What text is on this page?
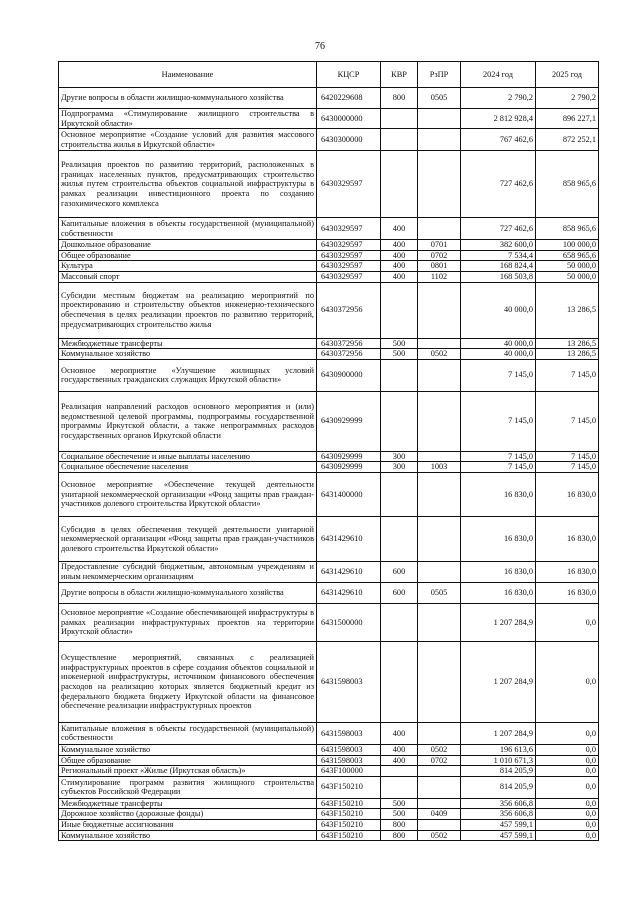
76
Наименование	КЦСР	КВР	РзПР	2024 год	2025 год
Другие вопросы в области жилищно-коммунального хозяйства	6420229608	800	0505	2 790,2	2 790,2
Подпрограмма «Стимулирование жилищного строительства в Иркутской области»	6430000000			2 812 928,4	896 227,1
Основное мероприятие «Создание условий для развития массового строительства жилья в Иркутской области»	6430300000			767 462,6	872 252,1
Реализация проектов по развитию территорий, расположенных в границах населенных пунктов, предусматривающих строительство жилья путем строительства объектов социальной инфраструктуры в рамках реализации инвестиционного проекта по созданию газохимического комплекса	6430329597			727 462,6	858 965,6
Капитальные вложения в объекты государственной (муниципальной) собственности	6430329597	400		727 462,6	858 965,6
Дошкольное образование	6430329597	400	0701	382 600,0	100 000,0
Общее образование	6430329597	400	0702	7 534,4	658 965,6
Культура	6430329597	400	0801	168 824,4	50 000,0
Массовый спорт	6430329597	400	1102	168 503,8	50 000,0
Субсидии местным бюджетам на реализацию мероприятий по проектированию и строительству объектов инженерно-технического обеспечения в целях реализации проектов по развитию территорий, предусматривающих строительство жилья	6430372956			40 000,0	13 286,5
Межбюджетные трансферты	6430372956	500		40 000,0	13 286,5
Коммунальное хозяйство	6430372956	500	0502	40 000,0	13 286,5
Основное мероприятие «Улучшение жилищных условий государственных гражданских служащих Иркутской области»	6430900000			7 145,0	7 145,0
Реализация направлений расходов основного мероприятия и (или) ведомственной целевой программы, подпрограммы государственной программы Иркутской области, а также непрограммных расходов государственных органов Иркутской области	6430929999			7 145,0	7 145,0
Социальное обеспечение и иные выплаты населению	6430929999	300		7 145,0	7 145,0
Социальное обеспечение населения	6430929999	300	1003	7 145,0	7 145,0
Основное мероприятие «Обеспечение текущей деятельности унитарной некоммерческой организации «Фонд защиты прав граждан-участников долевого строительства Иркутской области»	6431400000			16 830,0	16 830,0
Субсидия в целях обеспечения текущей деятельности унитарной некоммерческой организации «Фонд защиты прав граждан-участников долевого строительства Иркутской области»	6431429610			16 830,0	16 830,0
Предоставление субсидий бюджетным, автономным учреждениям и иным некоммерческим организациям	6431429610	600		16 830,0	16 830,0
Другие вопросы в области жилищно-коммунального хозяйства	6431429610	600	0505	16 830,0	16 830,0
Основное мероприятие «Создание обеспечивающей инфраструктуры в рамках реализации инфраструктурных проектов на территории Иркутской области»	6431500000			1 207 284,9	0,0
Осуществление мероприятий, связанных с реализацией инфраструктурных проектов в сфере создания объектов социальной и инженерной инфраструктуры, источником финансового обеспечения расходов на реализацию которых является бюджетный кредит из федерального бюджета бюджету Иркутской области на финансовое обеспечение реализации инфраструктурных проектов	6431598003			1 207 284,9	0,0
Капитальные вложения в объекты государственной (муниципальной) собственности	6431598003	400		1 207 284,9	0,0
Коммунальное хозяйство	6431598003	400	0502	196 613,6	0,0
Общее образование	6431598003	400	0702	1 010 671,3	0,0
Региональный проект «Жилье (Иркутская область)»	643F100000			814 205,9	0,0
Стимулирование программ развития жилищного строительства субъектов Российской Федерации	643F150210			814 205,9	0,0
Межбюджетные трансферты	643F150210	500		356 606,8	0,0
Дорожное хозяйство (дорожные фонды)	643F150210	500	0409	356 606,8	0,0
Иные бюджетные ассигнования	643F150210	800		457 599,1	0,0
Коммунальное хозяйство	643F150210	800	0502	457 599,1	0,0
